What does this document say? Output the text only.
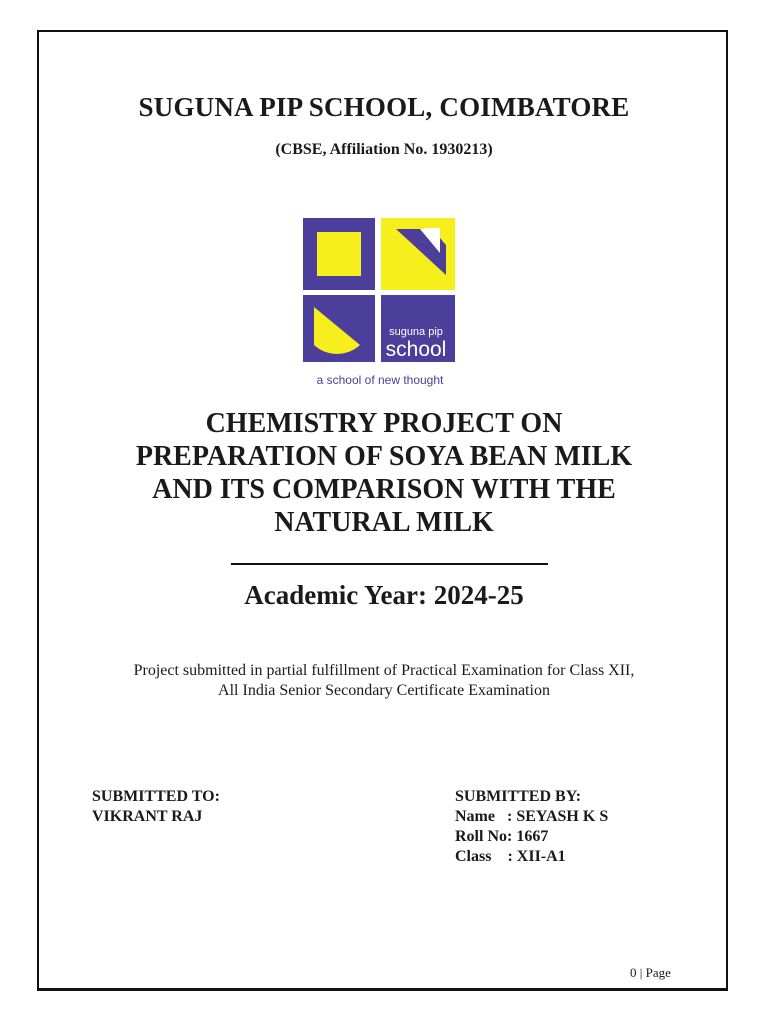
SUGUNA PIP SCHOOL, COIMBATORE
(CBSE, Affiliation No. 1930213)
suguna pip
school
a school of new thought
CHEMISTRY PROJECT ON
PREPARATION OF SOYA BEAN MILK
AND ITS COMPARISON WITH THE
NATURAL MILK
Academic Year: 2024-25
Project submitted in partial fulfillment of Practical Examination for Class XII,
All India Senior Secondary Certificate Examination
SUBMITTED TO:
VIKRANT RAJ
SUBMITTED BY:
Name   : SEYASH K S
Roll No: 1667
Class    : XII-A1
0 | Page
